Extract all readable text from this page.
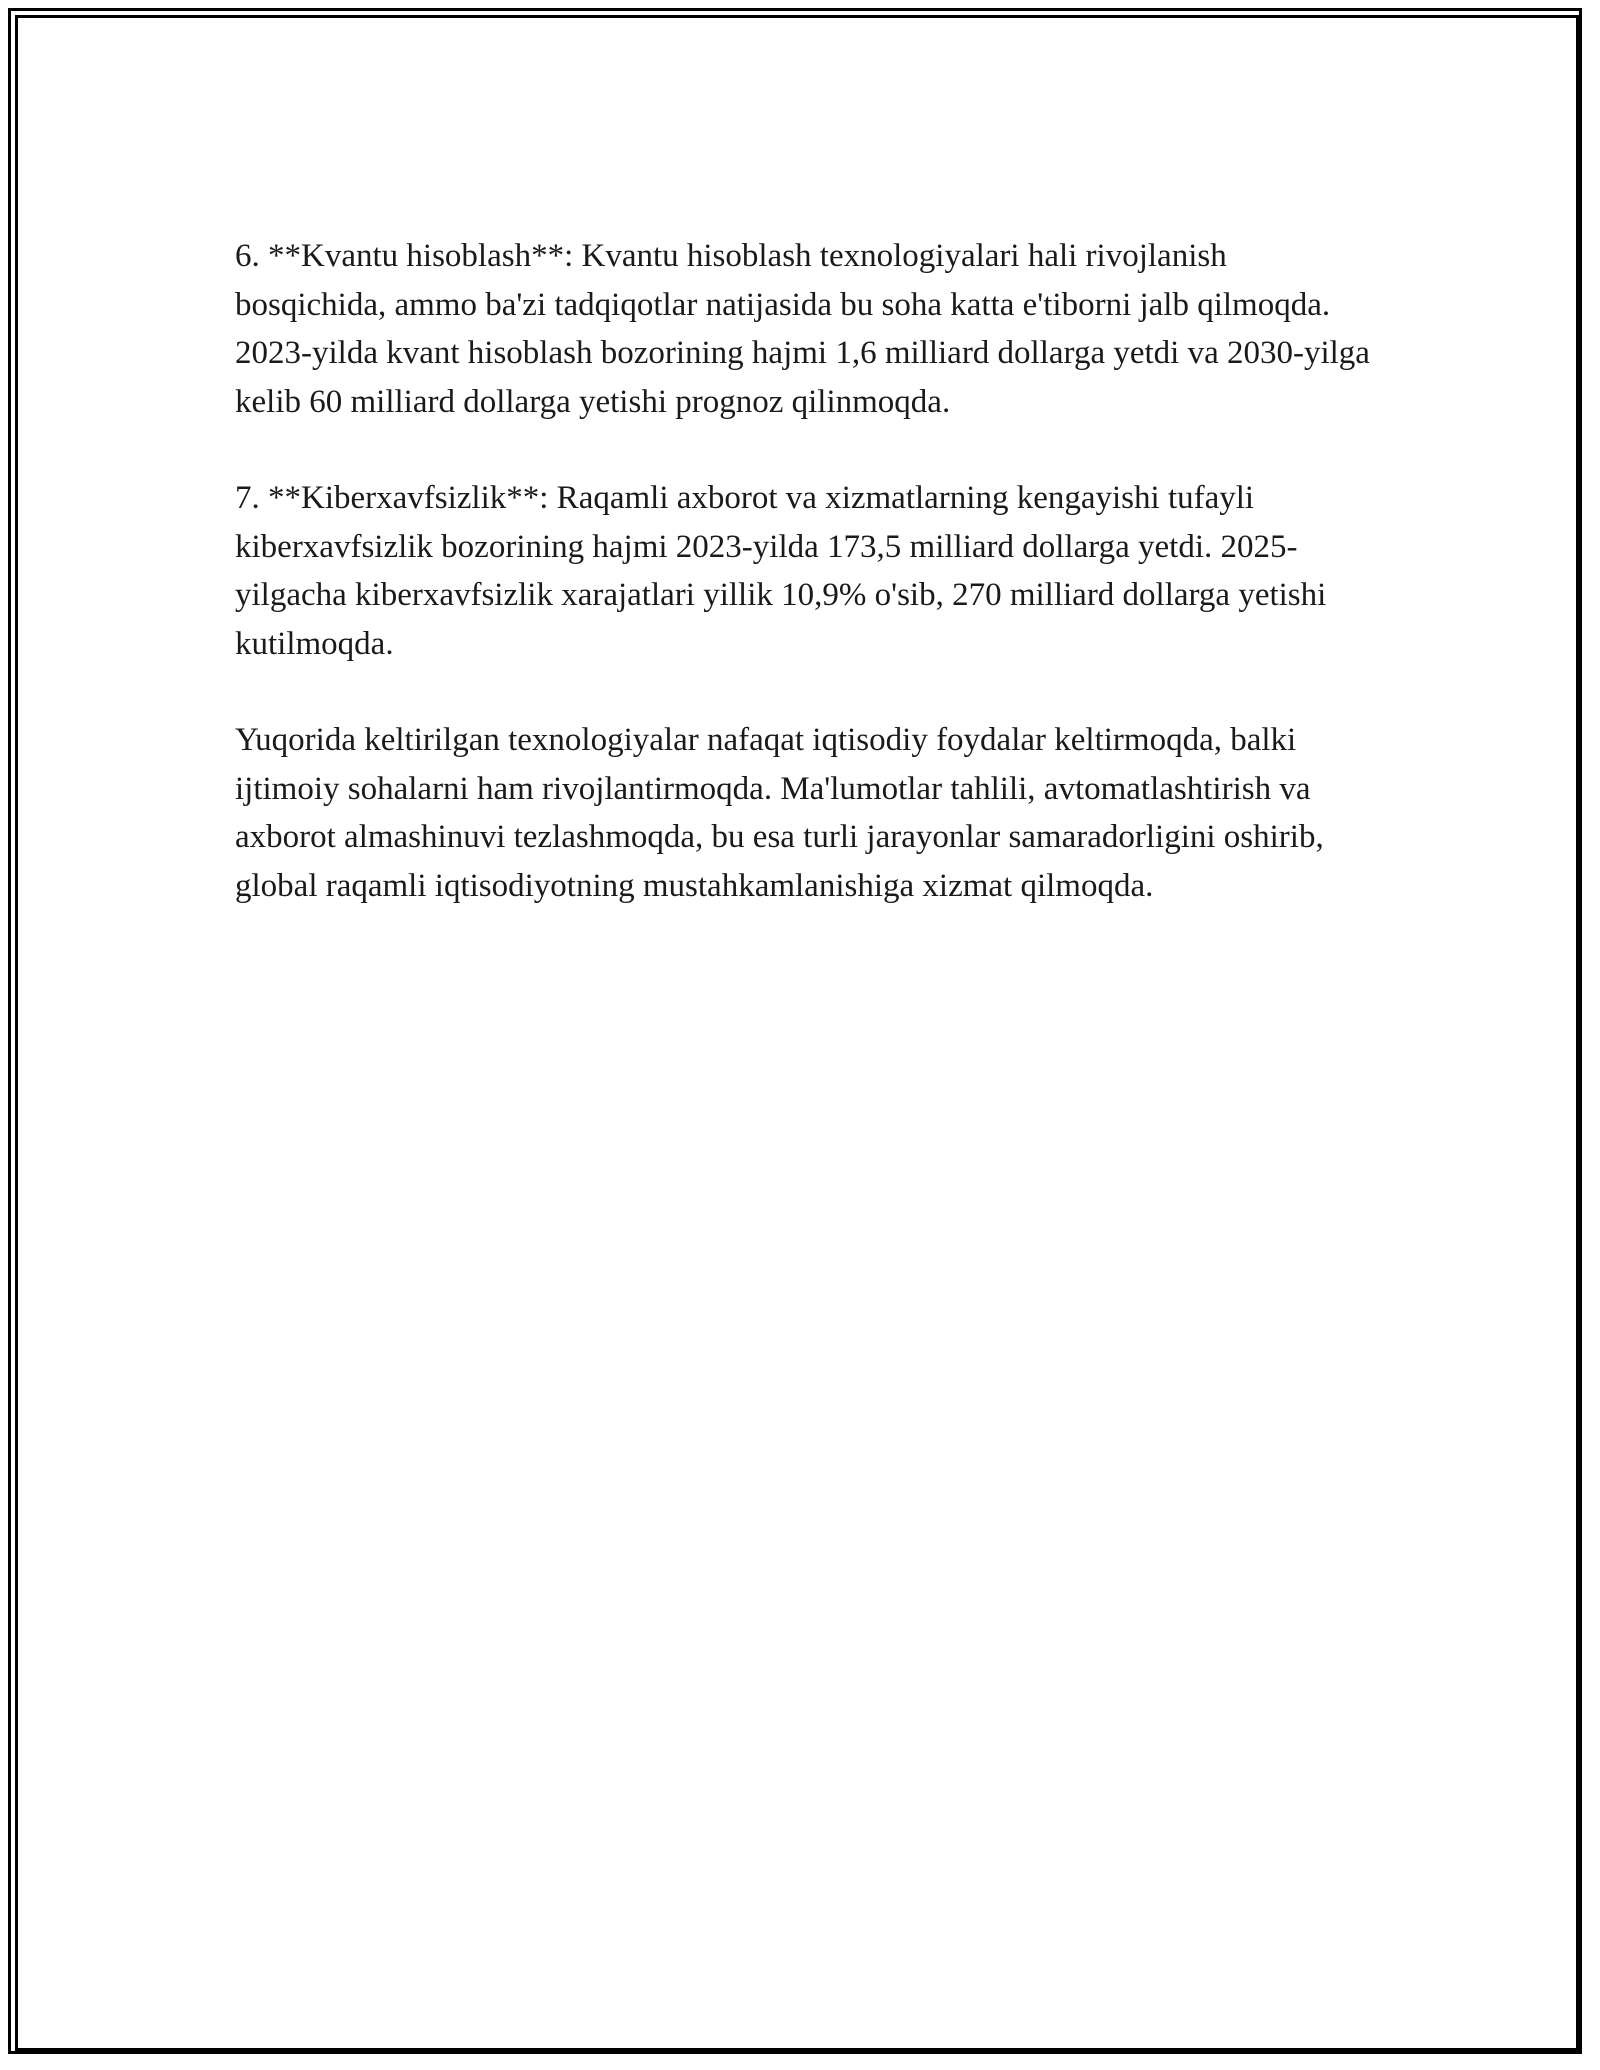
6. **Kvantu hisoblash**: Kvantu hisoblash texnologiyalari hali rivojlanish bosqichida, ammo ba'zi tadqiqotlar natijasida bu soha katta e'tiborni jalb qilmoqda. 2023-yilda kvant hisoblash bozorining hajmi 1,6 milliard dollarga yetdi va 2030-yilga kelib 60 milliard dollarga yetishi prognoz qilinmoqda.

7. **Kiberxavfsizlik**: Raqamli axborot va xizmatlarning kengayishi tufayli kiberxavfsizlik bozorining hajmi 2023-yilda 173,5 milliard dollarga yetdi. 2025-yilgacha kiberxavfsizlik xarajatlari yillik 10,9% o'sib, 270 milliard dollarga yetishi kutilmoqda.

Yuqorida keltirilgan texnologiyalar nafaqat iqtisodiy foydalar keltirmoqda, balki ijtimoiy sohalarni ham rivojlantirmoqda. Ma'lumotlar tahlili, avtomatlashtirish va axborot almashinuvi tezlashmoqda, bu esa turli jarayonlar samaradorligini oshirib, global raqamli iqtisodiyotning mustahkamlanishiga xizmat qilmoqda.
